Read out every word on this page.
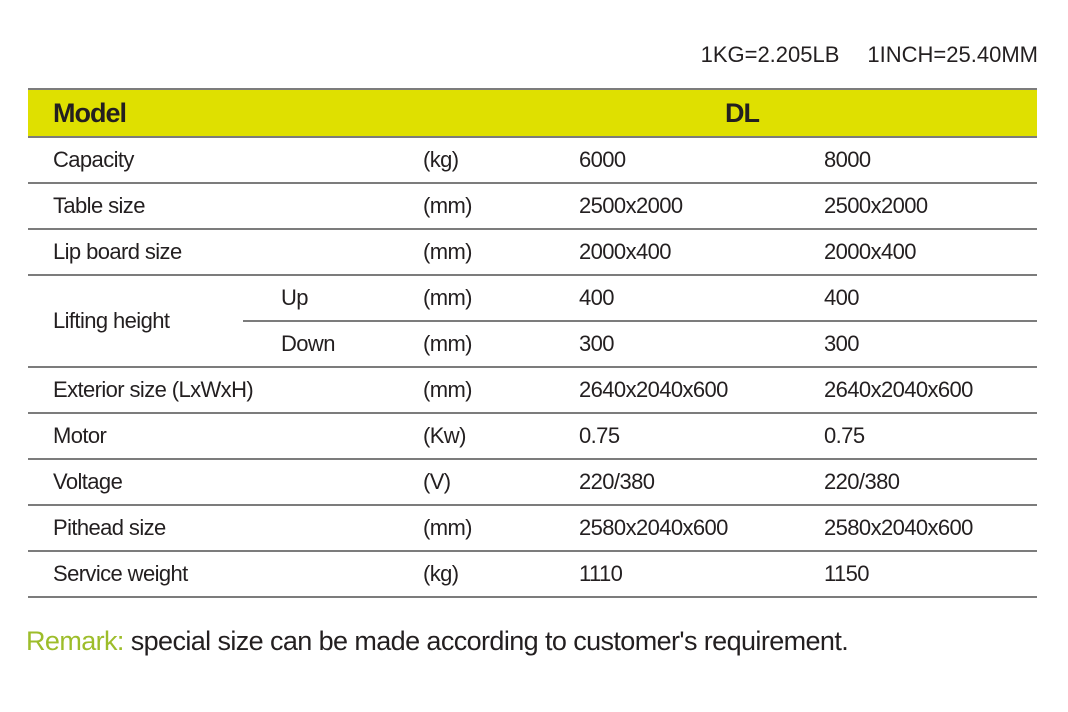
1KG=2.205LB 1INCH=25.40MM
Model			DL	
Capacity		(kg)	6000	8000
Table size		(mm)	2500x2000	2500x2000
Lip board size		(mm)	2000x400	2000x400
Lifting height	Up	(mm)	400	400
	Down	(mm)	300	300
Exterior size (LxWxH)		(mm)	2640x2040x600	2640x2040x600
Motor		(Kw)	0.75	0.75
Voltage		(V)	220/380	220/380
Pithead size		(mm)	2580x2040x600	2580x2040x600
Service weight		(kg)	1110	1150
Remark: special size can be made according to customer's requirement.
